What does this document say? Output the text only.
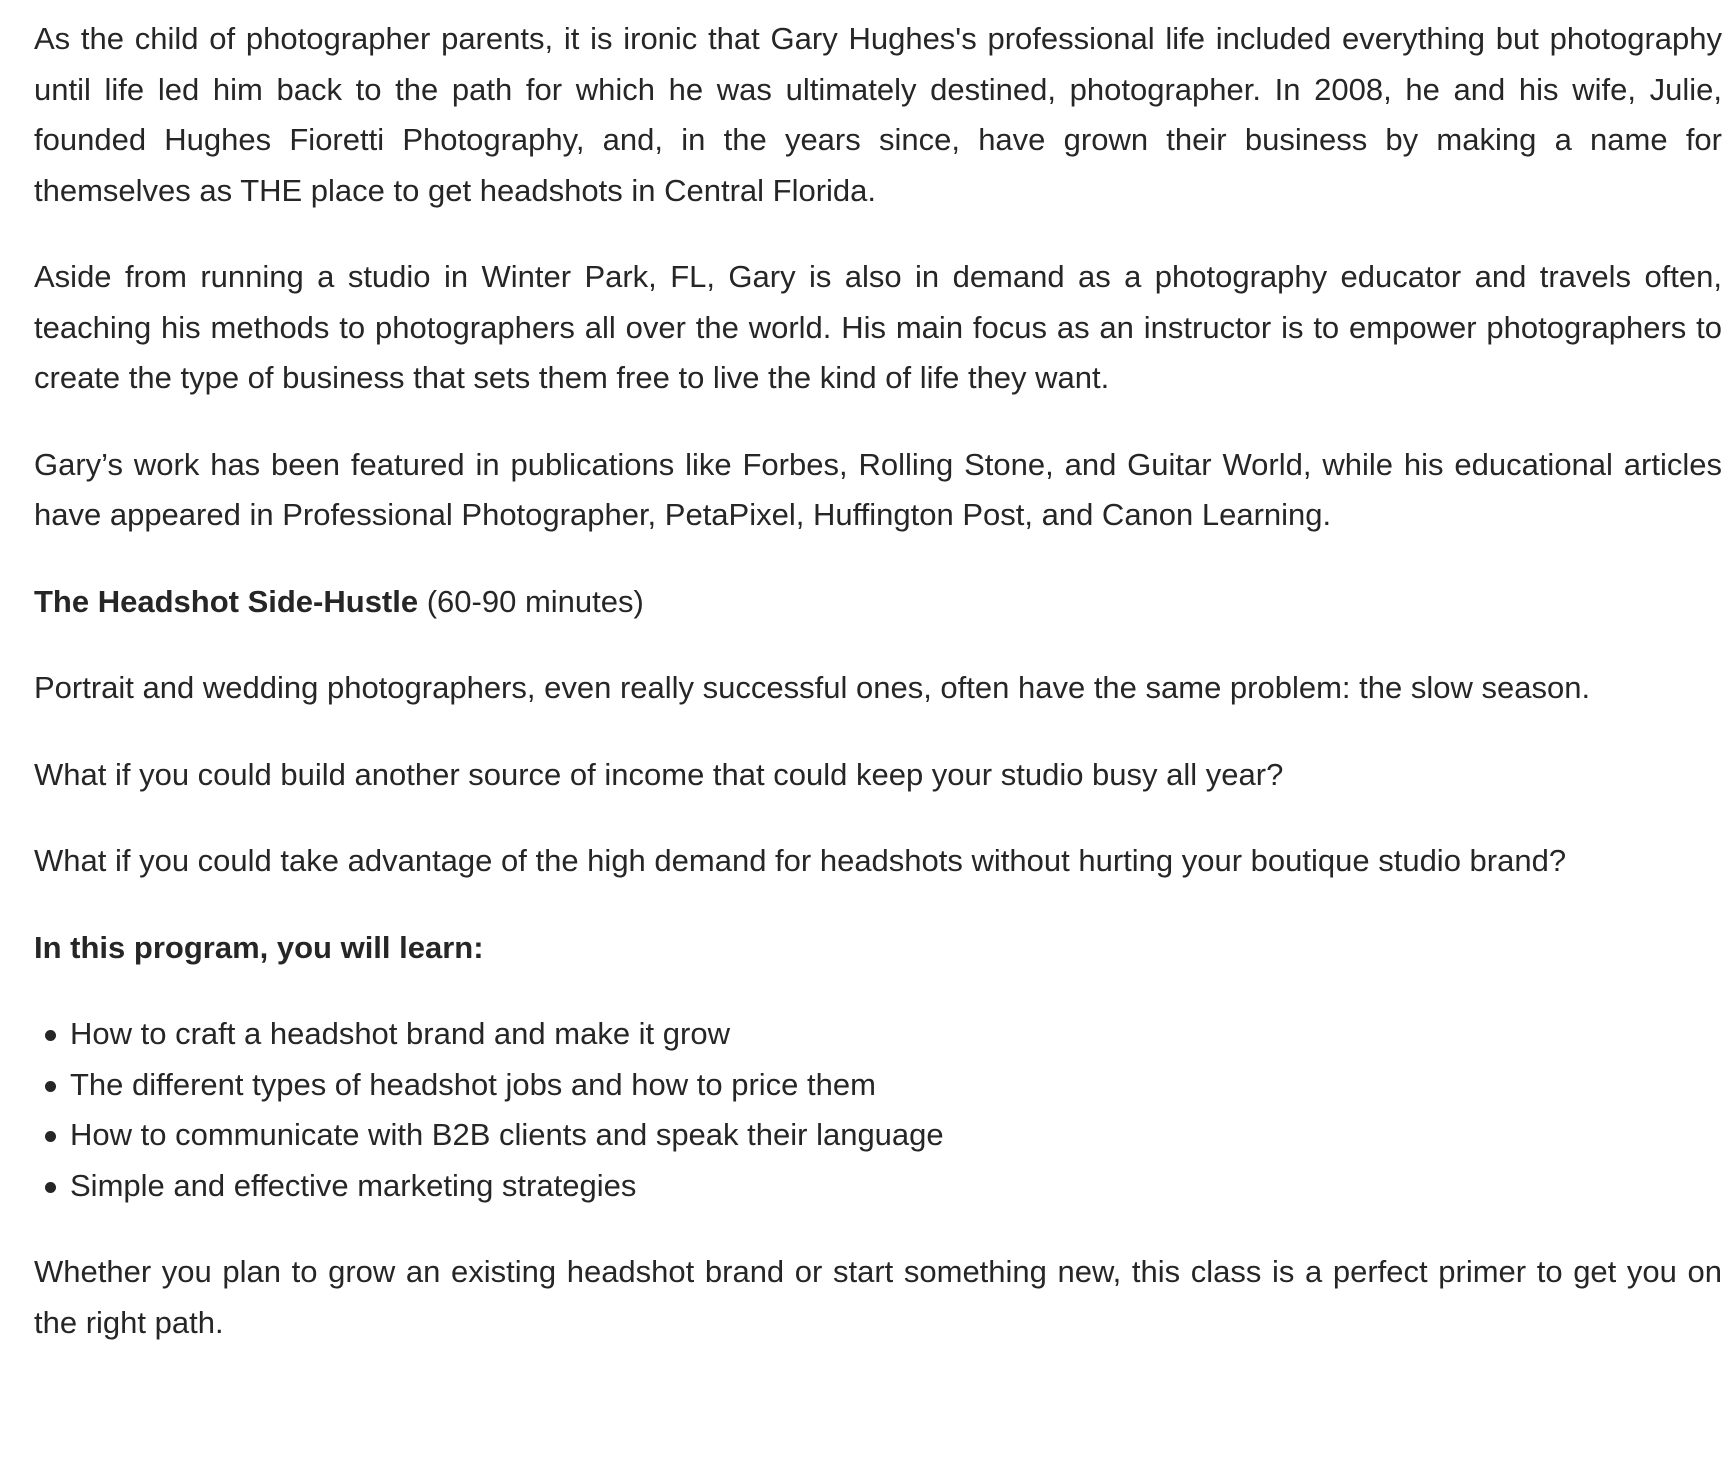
As the child of photographer parents, it is ironic that Gary Hughes's professional life included everything but photography until life led him back to the path for which he was ultimately destined, photographer. In 2008, he and his wife, Julie, founded Hughes Fioretti Photography, and, in the years since, have grown their business by making a name for themselves as THE place to get headshots in Central Florida.

Aside from running a studio in Winter Park, FL, Gary is also in demand as a photography educator and travels often, teaching his methods to photographers all over the world. His main focus as an instructor is to empower photographers to create the type of business that sets them free to live the kind of life they want.

Gary’s work has been featured in publications like Forbes, Rolling Stone, and Guitar World, while his educational articles have appeared in Professional Photographer, PetaPixel, Huffington Post, and Canon Learning.

The Headshot Side-Hustle (60-90 minutes)

Portrait and wedding photographers, even really successful ones, often have the same problem: the slow season.

What if you could build another source of income that could keep your studio busy all year?

What if you could take advantage of the high demand for headshots without hurting your boutique studio brand?

In this program, you will learn:

How to craft a headshot brand and make it grow
The different types of headshot jobs and how to price them
How to communicate with B2B clients and speak their language
Simple and effective marketing strategies

Whether you plan to grow an existing headshot brand or start something new, this class is a perfect primer to get you on the right path.
